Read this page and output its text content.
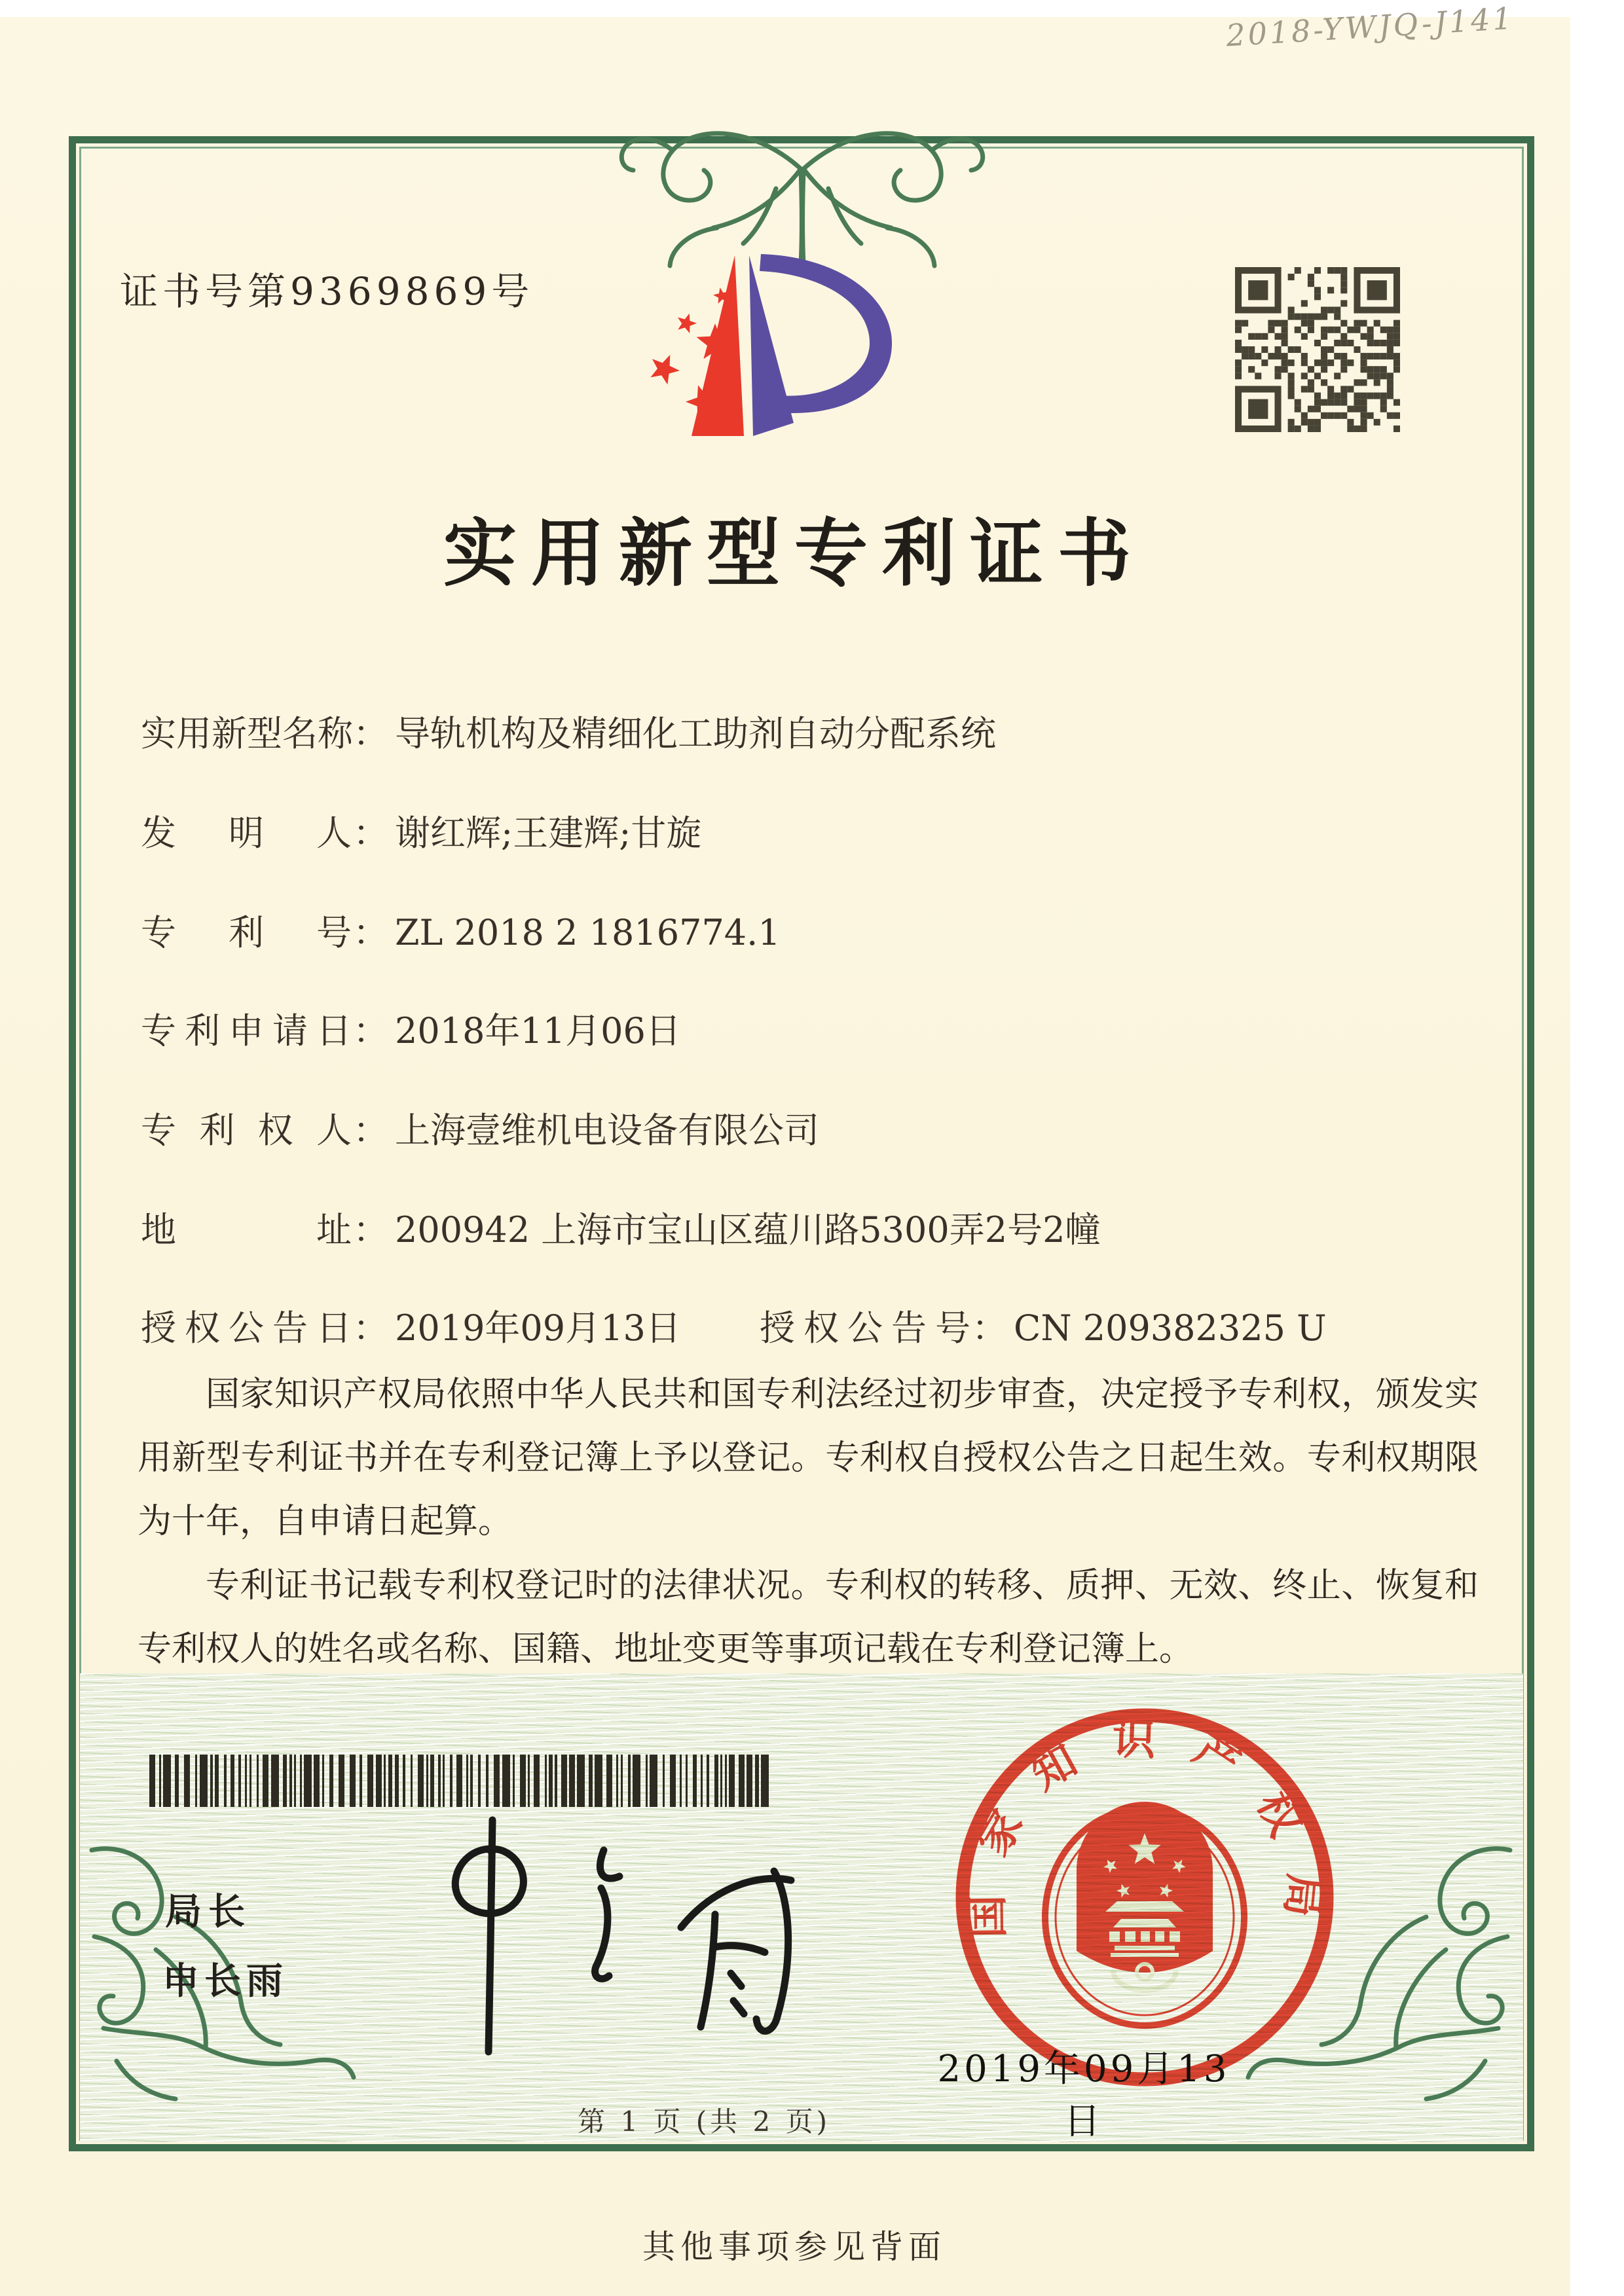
2018-YWJQ-J141
证书号第9369869号
实用新型专利证书
实用新型名称： 导轨机构及精细化工助剂自动分配系统
发明人： 谢红辉;王建辉;甘旋
专利号： ZL 2018 2 1816774.1
专利申请日： 2018年11月06日
专利权人： 上海壹维机电设备有限公司
地址： 200942 上海市宝山区蕴川路5300弄2号2幢
授权公告日： 2019年09月13日 授权公告号： CN 209382325 U

国家知识产权局依照中华人民共和国专利法经过初步审查，决定授予专利权，颁发实用新型专利证书并在专利登记簿上予以登记。专利权自授权公告之日起生效。专利权期限为十年，自申请日起算。

专利证书记载专利权登记时的法律状况。专利权的转移、质押、无效、终止、恢复和专利权人的姓名或名称、国籍、地址变更等事项记载在专利登记簿上。

局长
申长雨
国家知识产权局
2019年09月13日
第 1 页 (共 2 页)
其他事项参见背面
